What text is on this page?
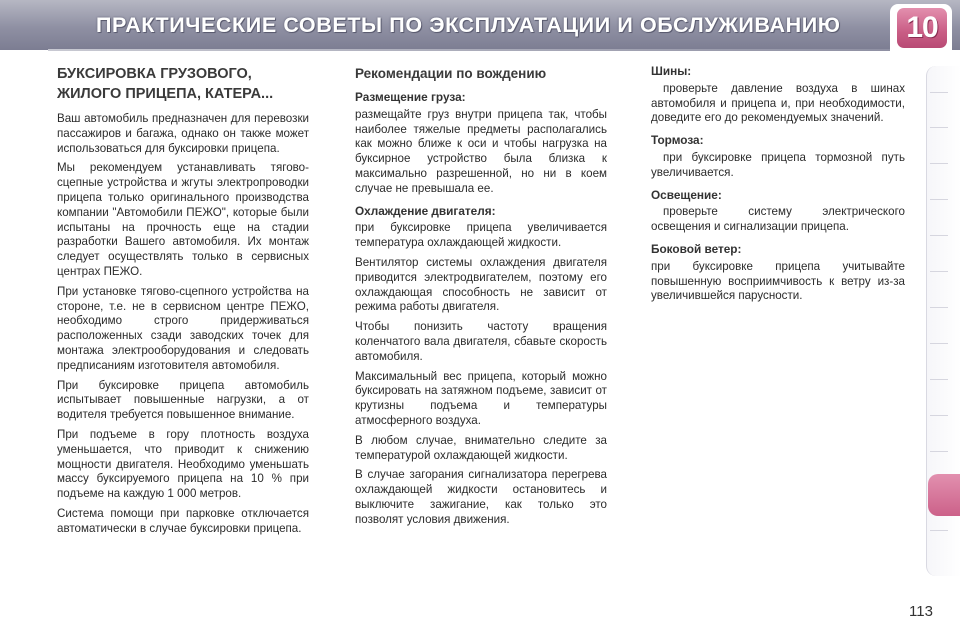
ПРАКТИЧЕСКИЕ СОВЕТЫ ПО ЭКСПЛУАТАЦИИ И ОБСЛУЖИВАНИЮ	10
БУКСИРОВКА ГРУЗОВОГО, ЖИЛОГО ПРИЦЕПА, КАТЕРА...

Ваш автомобиль предназначен для перевозки пассажиров и багажа, однако он также может использоваться для буксировки прицепа.

Мы рекомендуем устанавливать тягово-сцепные устройства и жгуты электропроводки прицепа только оригинального производства компании "Автомобили ПЕЖО", которые были испытаны на прочность еще на стадии разработки Вашего автомобиля. Их монтаж следует осуществлять только в сервисных центрах ПЕЖО.

При установке тягово-сцепного устройства на стороне, т.е. не в сервисном центре ПЕЖО, необходимо строго придерживаться расположенных сзади заводских точек для монтажа электрооборудования и следовать предписаниям изготовителя автомобиля.

При буксировке прицепа автомобиль испытывает повышенные нагрузки, а от водителя требуется повышенное внимание.

При подъеме в гору плотность воздуха уменьшается, что приводит к снижению мощности двигателя. Необходимо уменьшать массу буксируемого прицепа на 10 % при подъеме на каждую 1 000 метров.

Система помощи при парковке отключается автоматически в случае буксировки прицепа.

Рекомендации по вождению
Размещение груза:

размещайте груз внутри прицепа так, чтобы наиболее тяжелые предметы располагались как можно ближе к оси и чтобы нагрузка на буксирное устройство была близка к максимально разрешенной, но ни в коем случае не превышала ее.

Охлаждение двигателя:

при буксировке прицепа увеличивается температура охлаждающей жидкости.

Вентилятор системы охлаждения двигателя приводится электродвигателем, поэтому его охлаждающая способность не зависит от режима работы двигателя.

Чтобы понизить частоту вращения коленчатого вала двигателя, сбавьте скорость автомобиля.

Максимальный вес прицепа, который можно буксировать на затяжном подъеме, зависит от крутизны подъема и температуры атмосферного воздуха.

В любом случае, внимательно следите за температурой охлаждающей жидкости.

В случае загорания сигнализатора перегрева охлаждающей жидкости остановитесь и выключите зажигание, как только это позволят условия движения.

Шины:

проверьте давление воздуха в шинах автомобиля и прицепа и, при необходимости, доведите его до рекомендуемых значений.

Тормоза:

при буксировке прицепа тормозной путь увеличивается.

Освещение:

проверьте систему электрического освещения и сигнализации прицепа.

Боковой ветер:

при буксировке прицепа учитывайте повышенную восприимчивость к ветру из-за увеличившейся парусности.

113
